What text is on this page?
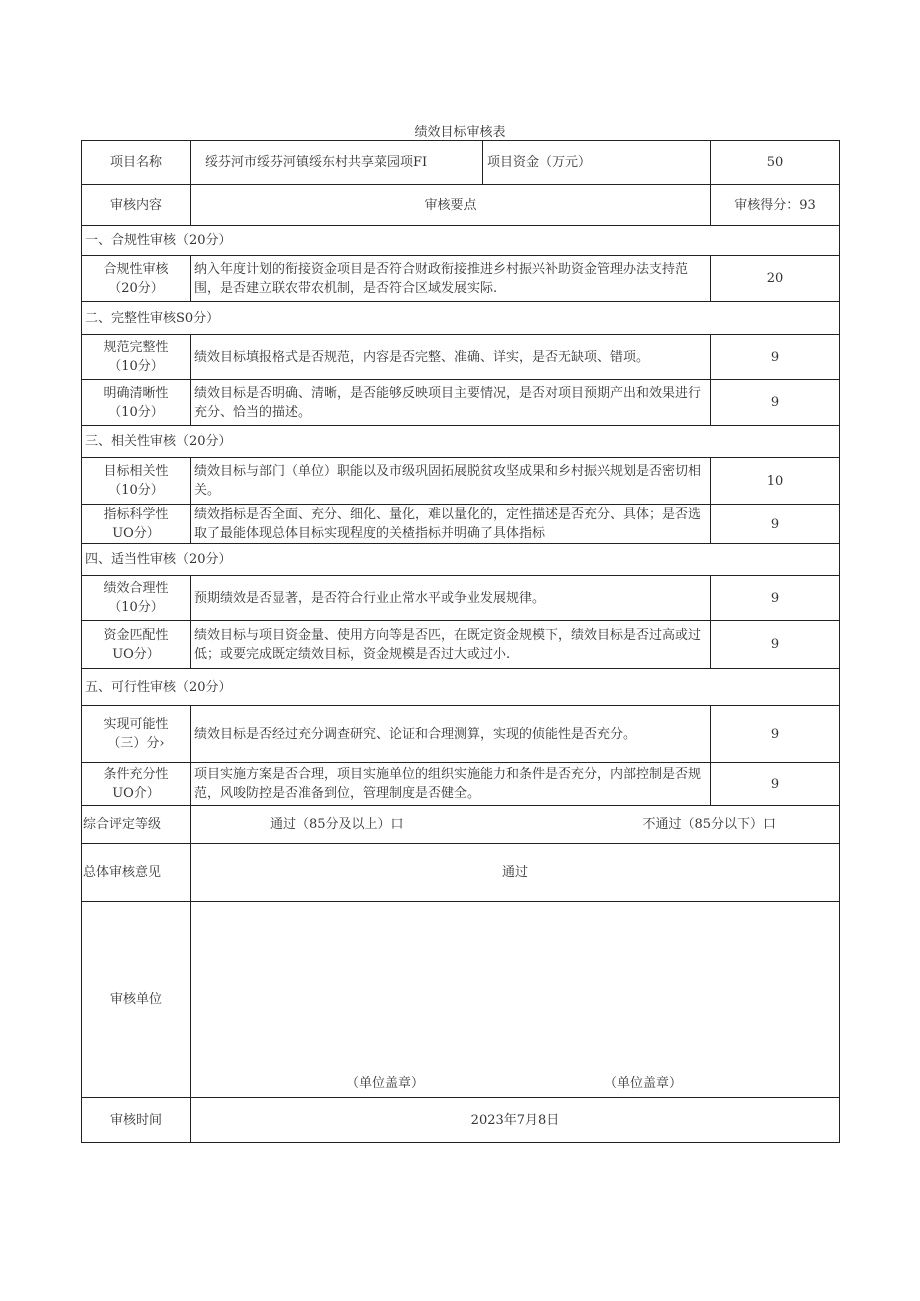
绩效目标审核表
项目名称	绥芬河市绥芬河镇绥东村共享菜园项FI	项目资金（万元）	50
审核内容	审核要点		审核得分：93
一、合规性审核（20分）			

合规性审核
（20分）	纳入年度计划的衔接资金项目是否符合财政衔接推进乡村振兴补助资金管理办法支持范围，是否建立联农带农机制，是否符合区域发展实际.		20
二、完整性审核S0分）			

规范完整性
（10分）	绩效目标填报格式是否规范，内容是否完整、准确、详实，是否无缺项、错项。		9

明确清晰性
（10分）	绩效目标是否明确、清晰，是否能够反映项目主要情况，是否对项目预期产出和效果进行充分、恰当的描述。		9
三、相关性审核（20分）			

目标相关性
（10分）	绩效目标与部门（单位）职能以及市级巩固拓展脱贫攻坚成果和乡村振兴规划是否密切相关。		10

指标科学性
UO分）	绩效指标是否全面、充分、细化、量化，难以量化的，定性描述是否充分、具体；是否选取了最能体现总体目标实现程度的关楂指标并明确了具体指标		9
四、适当性审核（20分）			

绩效合理性
（10分）	预期绩效是否显著，是否符合行业止常水平或争业发展规律。		9

资金匹配性
UO分）	绩效目标与项目资金量、使用方向等是否匹，在既定资金规模下，绩效目标是否过高或过低；或要完成既定绩效目标，资金规模是否过大或过小.		9
五、可行性审核（20分）			

实现可能性
（三）分›	绩效目标是否经过充分调查研究、论证和合理测算，实现的侦能性是否充分。		9

条件充分性
UO介）	项目实施方案是否合理，项目实施单位的组织实施能力和条件是否充分，内部控制是否规范，风唆防控是否准备到位，管理制度是否健全。		9
综合评定等级	通过（85分及以上）口	不通过（85分以下）口	
总体审核意见	通过		
审核单位	（单位盖章） （单位盖章）		

审核时间	2023年7月8日		
